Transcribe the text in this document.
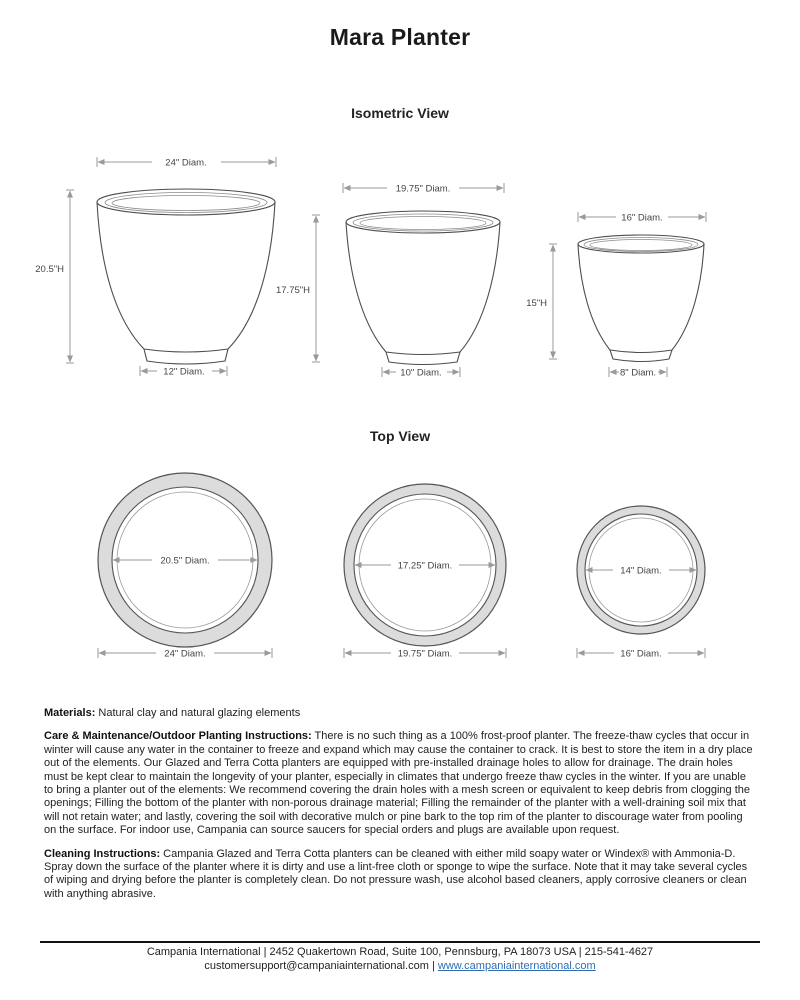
Mara Planter
Isometric View
24" Diam.
20.5"H
12" Diam.
19.75" Diam.
17.75"H
10" Diam.
16" Diam.
15"H
8" Diam.
Top View
20.5" Diam.
24" Diam.
17.25" Diam.
19.75" Diam.
14" Diam.
16" Diam.

Materials: Natural clay and natural glazing elements

Care & Maintenance/Outdoor Planting Instructions: There is no such thing as a 100% frost-proof planter. The freeze-thaw cycles that occur in winter will cause any water in the container to freeze and expand which may cause the container to crack. It is best to store the item in a dry place out of the elements. Our Glazed and Terra Cotta planters are equipped with pre-installed drainage holes to allow for drainage. The drain holes must be kept clear to maintain the longevity of your planter, especially in climates that undergo freeze thaw cycles in the winter. If you are unable to bring a planter out of the elements: We recommend covering the drain holes with a mesh screen or equivalent to keep debris from clogging the openings; Filling the bottom of the planter with non-porous drainage material; Filling the remainder of the planter with a well-draining soil mix that will not retain water; and lastly, covering the soil with decorative mulch or pine bark to the top rim of the planter to discourage water from pooling on the surface. For indoor use, Campania can source saucers for special orders and plugs are available upon request.

Cleaning Instructions: Campania Glazed and Terra Cotta planters can be cleaned with either mild soapy water or Windex® with Ammonia-D. Spray down the surface of the planter where it is dirty and use a lint-free cloth or sponge to wipe the surface. Note that it may take several cycles of wiping and drying before the planter is completely clean. Do not pressure wash, use alcohol based cleaners, apply corrosive cleaners or clean with anything abrasive.

Campania International | 2452 Quakertown Road, Suite 100, Pennsburg, PA 18073 USA | 215-541-4627
customersupport@campaniainternational.com | www.campaniainternational.com
